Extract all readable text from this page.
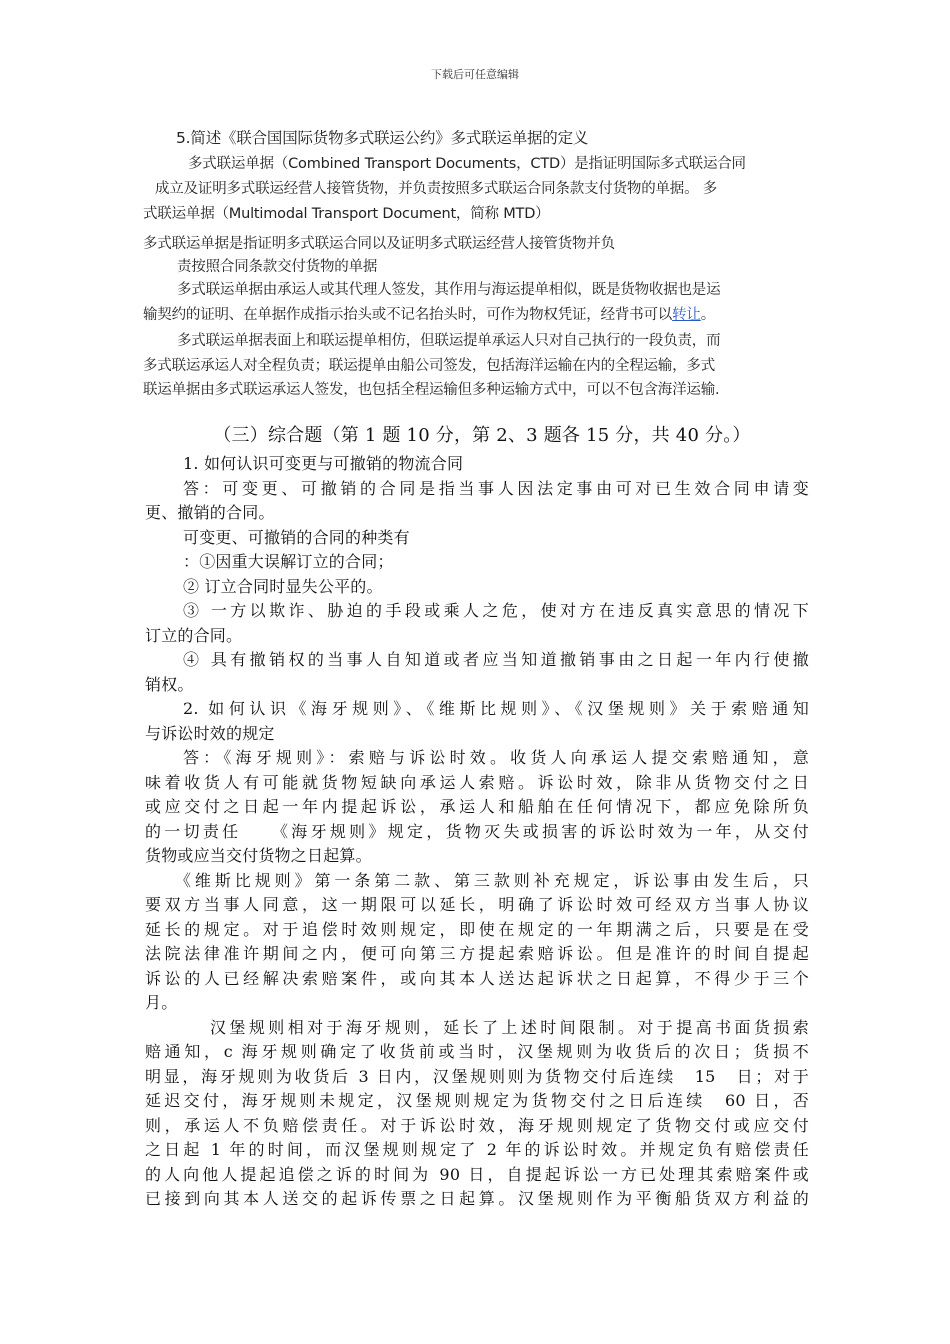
下载后可任意编辑
5.简述《联合国国际货物多式联运公约》多式联运单据的定义
多式联运单据（Combined Transport Documents，CTD）是指证明国际多式联运合同
成立及证明多式联运经营人接管货物，并负责按照多式联运合同条款支付货物的单据。 多
式联运单据（Multimodal Transport Document，简称 MTD）
多式联运单据是指证明多式联运合同以及证明多式联运经营人接管货物并负
责按照合同条款交付货物的单据
多式联运单据由承运人或其代理人签发，其作用与海运提单相似，既是货物收据也是运
输契约的证明、在单据作成指示抬头或不记名抬头时，可作为物权凭证，经背书可以转让。
多式联运单据表面上和联运提单相仿，但联运提单承运人只对自己执行的一段负责，而
多式联运承运人对全程负责；联运提单由船公司签发，包括海洋运输在内的全程运输，多式
联运单据由多式联运承运人签发，也包括全程运输但多种运输方式中，可以不包含海洋运输.
（三）综合题（第 1 题 10 分，第 2、3 题各 15 分，共 40 分。）
1. 如何认识可变更与可撤销的物流合同
答：可变更、可撤销的合同是指当事人因法定事由可对已生效合同申请变
更、撤销的合同。
可变更、可撤销的合同的种类有
：①因重大误解订立的合同；
② 订立合同时显失公平的。
③ 一方以欺诈、胁迫的手段或乘人之危，使对方在违反真实意思的情况下
订立的合同。
④ 具有撤销权的当事人自知道或者应当知道撤销事由之日起一年内行使撤
销权。
2. 如何认识《海牙规则》、《维斯比规则》、《汉堡规则》关于索赔通知
与诉讼时效的规定
答：《海牙规则》：索赔与诉讼时效。收货人向承运人提交索赔通知，意
味着收货人有可能就货物短缺向承运人索赔。诉讼时效，除非从货物交付之日
或应交付之日起一年内提起诉讼，承运人和船舶在任何情况下，都应免除所负
的一切责任　　《海牙规则》规定，货物灭失或损害的诉讼时效为一年，从交付
货物或应当交付货物之日起算。
《维斯比规则》第一条第二款、第三款则补充规定，诉讼事由发生后，只
要双方当事人同意，这一期限可以延长，明确了诉讼时效可经双方当事人协议
延长的规定。对于追偿时效则规定，即使在规定的一年期满之后，只要是在受
法院法律准许期间之内，便可向第三方提起索赔诉讼。但是准许的时间自提起
诉讼的人已经解决索赔案件，或向其本人送达起诉状之日起算，不得少于三个
月。
汉堡规则相对于海牙规则，延长了上述时间限制。对于提高书面货损索
赔通知，c 海牙规则确定了收货前或当时，汉堡规则为收货后的次日；货损不
明显，海牙规则为收货后 3 日内，汉堡规则则为货物交付后连续　15　日；对于
延迟交付，海牙规则未规定，汉堡规则规定为货物交付之日后连续　60 日，否
则，承运人不负赔偿责任。对于诉讼时效，海牙规则规定了货物交付或应交付
之日起 1 年的时间，而汉堡规则规定了 2 年的诉讼时效。并规定负有赔偿责任
的人向他人提起追偿之诉的时间为 90 日，自提起诉讼一方已处理其索赔案件或
已接到向其本人送交的起诉传票之日起算。汉堡规则作为平衡船货双方利益的
